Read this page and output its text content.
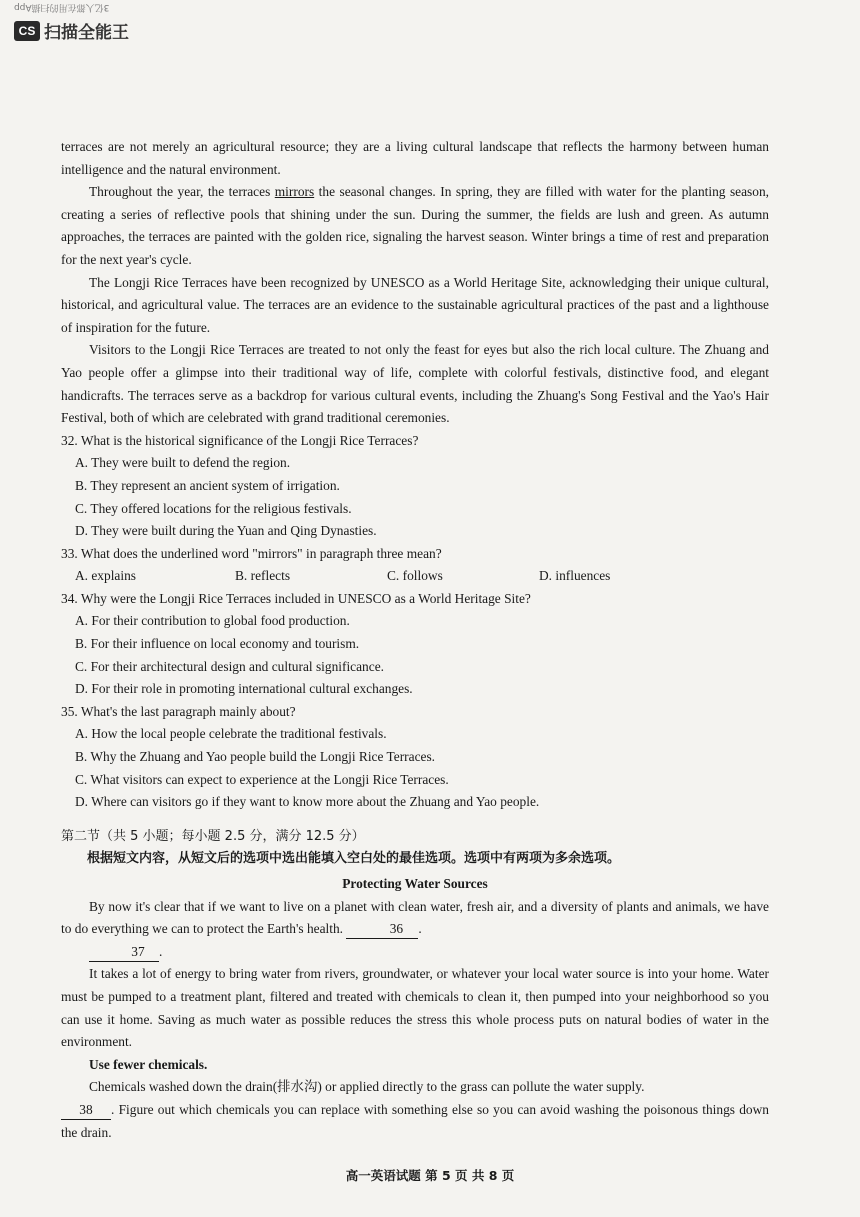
CS 扫描全能王
3亿人都在用的扫描App

terraces are not merely an agricultural resource; they are a living cultural landscape that reflects the harmony between human intelligence and the natural environment.

Throughout the year, the terraces mirrors the seasonal changes. In spring, they are filled with water for the planting season, creating a series of reflective pools that shining under the sun. During the summer, the fields are lush and green. As autumn approaches, the terraces are painted with the golden rice, signaling the harvest season. Winter brings a time of rest and preparation for the next year's cycle.

The Longji Rice Terraces have been recognized by UNESCO as a World Heritage Site, acknowledging their unique cultural, historical, and agricultural value. The terraces are an evidence to the sustainable agricultural practices of the past and a lighthouse of inspiration for the future.

Visitors to the Longji Rice Terraces are treated to not only the feast for eyes but also the rich local culture. The Zhuang and Yao people offer a glimpse into their traditional way of life, complete with colorful festivals, distinctive food, and elegant handicrafts. The terraces serve as a backdrop for various cultural events, including the Zhuang's Song Festival and the Yao's Hair Festival, both of which are celebrated with grand traditional ceremonies.

32. What is the historical significance of the Longji Rice Terraces?

A. They were built to defend the region.

B. They represent an ancient system of irrigation.

C. They offered locations for the religious festivals.

D. They were built during the Yuan and Qing Dynasties.

33. What does the underlined word "mirrors" in paragraph three mean?

A. explains	B. reflects	C. follows	D. influences

34. Why were the Longji Rice Terraces included in UNESCO as a World Heritage Site?

A. For their contribution to global food production.

B. For their influence on local economy and tourism.

C. For their architectural design and cultural significance.

D. For their role in promoting international cultural exchanges.

35. What's the last paragraph mainly about?

A. How the local people celebrate the traditional festivals.

B. Why the Zhuang and Yao people build the Longji Rice Terraces.

C. What visitors can expect to experience at the Longji Rice Terraces.

D. Where can visitors go if they want to know more about the Zhuang and Yao people.

第二节（共 5 小题；每小题 2.5 分，满分 12.5 分）

根据短文内容，从短文后的选项中选出能填入空白处的最佳选项。选项中有两项为多余选项。

Protecting Water Sources

By now it's clear that if we want to live on a planet with clean water, fresh air, and a diversity of plants and animals, we have to do everything we can to protect the Earth's health.	36 .

37 .

It takes a lot of energy to bring water from rivers, groundwater, or whatever your local water source is into your home. Water must be pumped to a treatment plant, filtered and treated with chemicals to clean it, then pumped into your neighborhood so you can use it home. Saving as much water as possible reduces the stress this whole process puts on natural bodies of water in the environment.

Use fewer chemicals.

Chemicals washed down the drain(排水沟) or applied directly to the grass can pollute the water supply.

38 . Figure out which chemicals you can replace with something else so you can avoid washing the poisonous things down the drain.

高一英语试题 第 5 页 共 8 页
